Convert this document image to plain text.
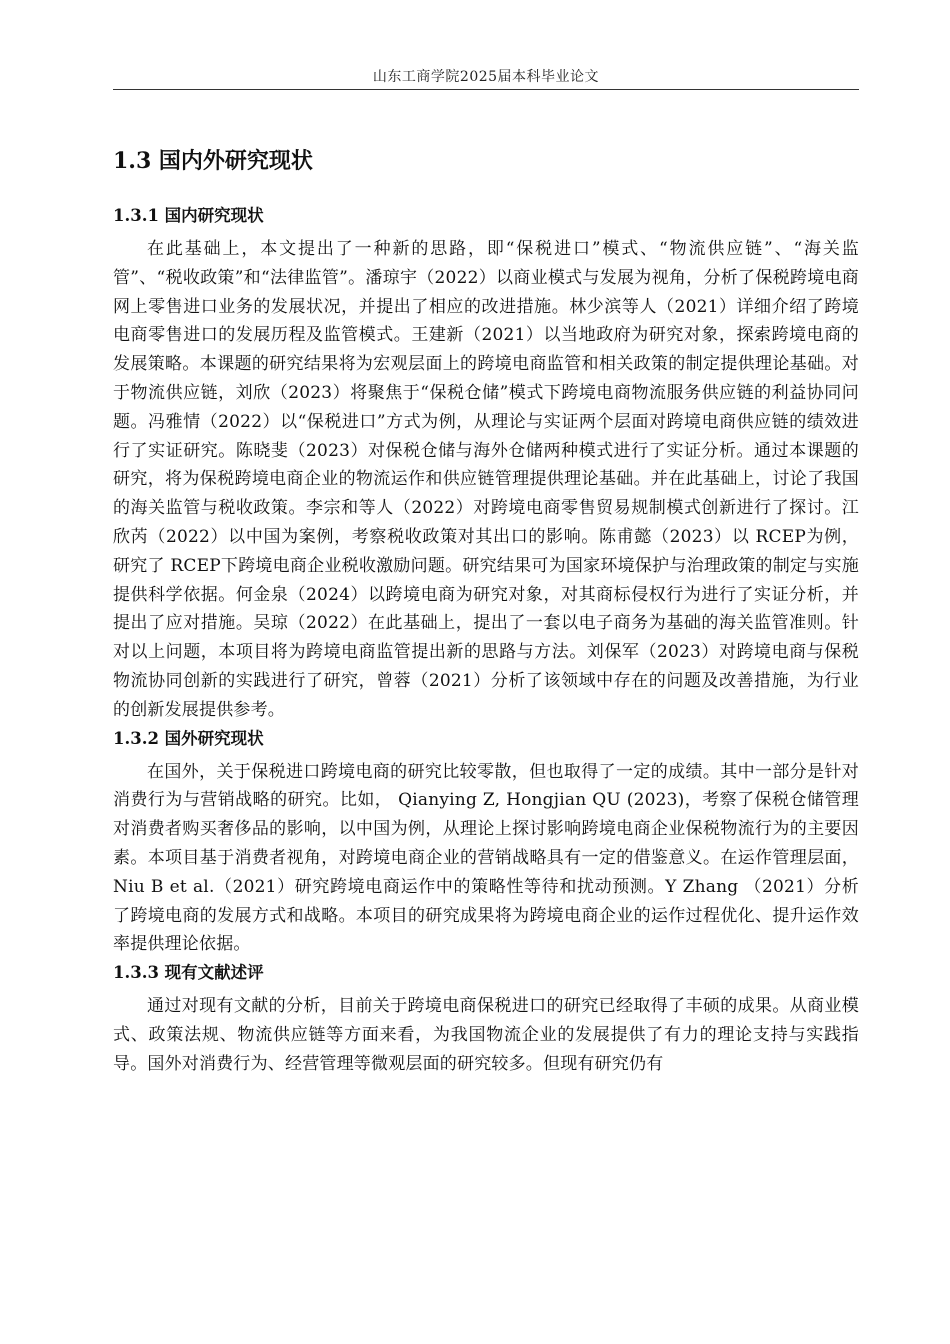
山东工商学院2025届本科毕业论文
1.3 国内外研究现状
1.3.1 国内研究现状

在此基础上，本文提出了一种新的思路，即“保税进口”模式、“物流供应链”、“海关监管”、“税收政策”和“法律监管”。潘琼宇（2022）以商业模式与发展为视角，分析了保税跨境电商网上零售进口业务的发展状况，并提出了相应的改进措施。林少滨等人（2021）详细介绍了跨境电商零售进口的发展历程及监管模式。王建新（2021）以当地政府为研究对象，探索跨境电商的发展策略。本课题的研究结果将为宏观层面上的跨境电商监管和相关政策的制定提供理论基础。对于物流供应链，刘欣（2023）将聚焦于“保税仓储”模式下跨境电商物流服务供应链的利益协同问题。冯雅情（2022）以“保税进口”方式为例，从理论与实证两个层面对跨境电商供应链的绩效进行了实证研究。陈晓斐（2023）对保税仓储与海外仓储两种模式进行了实证分析。通过本课题的研究，将为保税跨境电商企业的物流运作和供应链管理提供理论基础。并在此基础上，讨论了我国的海关监管与税收政策。李宗和等人（2022）对跨境电商零售贸易规制模式创新进行了探讨。江欣芮（2022）以中国为案例，考察税收政策对其出口的影响。陈甫懿（2023）以 RCEP为例，研究了 RCEP下跨境电商企业税收激励问题。研究结果可为国家环境保护与治理政策的制定与实施提供科学依据。何金泉（2024）以跨境电商为研究对象，对其商标侵权行为进行了实证分析，并提出了应对措施。吴琼（2022）在此基础上，提出了一套以电子商务为基础的海关监管准则。针对以上问题，本项目将为跨境电商监管提出新的思路与方法。刘保军（2023）对跨境电商与保税物流协同创新的实践进行了研究，曾蓉（2021）分析了该领域中存在的问题及改善措施，为行业的创新发展提供参考。

1.3.2 国外研究现状

在国外，关于保税进口跨境电商的研究比较零散，但也取得了一定的成绩。其中一部分是针对消费行为与营销战略的研究。比如， Qianying Z, Hongjian QU (2023)，考察了保税仓储管理对消费者购买奢侈品的影响，以中国为例，从理论上探讨影响跨境电商企业保税物流行为的主要因素。本项目基于消费者视角，对跨境电商企业的营销战略具有一定的借鉴意义。在运作管理层面， Niu B et al.（2021）研究跨境电商运作中的策略性等待和扰动预测。Y Zhang （2021）分析了跨境电商的发展方式和战略。本项目的研究成果将为跨境电商企业的运作过程优化、提升运作效率提供理论依据。

1.3.3 现有文献述评

通过对现有文献的分析，目前关于跨境电商保税进口的研究已经取得了丰硕的成果。从商业模式、政策法规、物流供应链等方面来看，为我国物流企业的发展提供了有力的理论支持与实践指导。国外对消费行为、经营管理等微观层面的研究较多。但现有研究仍有
